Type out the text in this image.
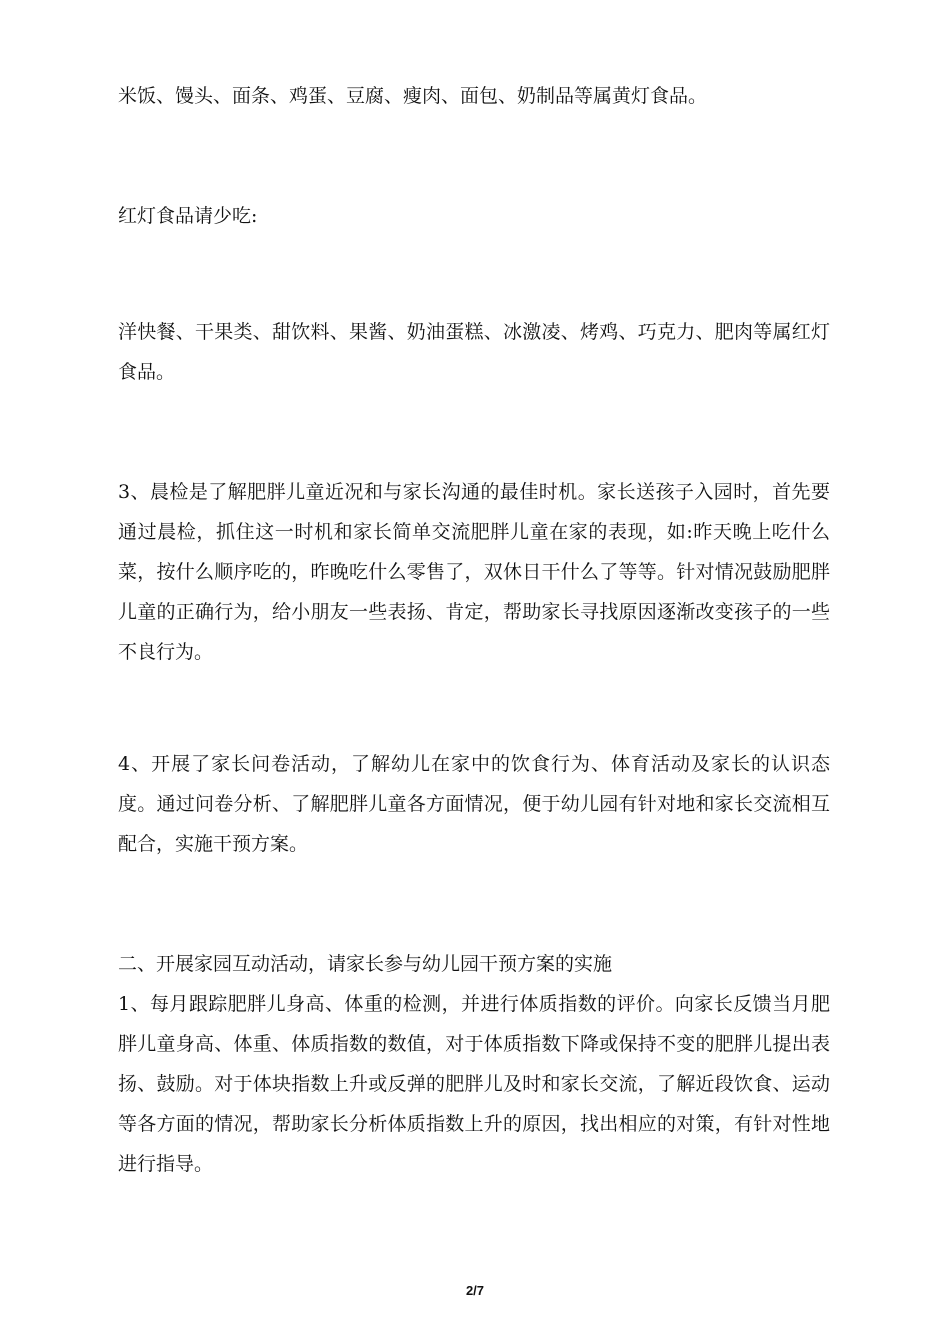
米饭、馒头、面条、鸡蛋、豆腐、瘦肉、面包、奶制品等属黄灯食品。

红灯食品请少吃:

洋快餐、干果类、甜饮料、果酱、奶油蛋糕、冰激凌、烤鸡、巧克力、肥肉等属红灯食品。

3、晨检是了解肥胖儿童近况和与家长沟通的最佳时机。家长送孩子入园时，首先要通过晨检，抓住这一时机和家长简单交流肥胖儿童在家的表现，如:昨天晚上吃什么菜，按什么顺序吃的，昨晚吃什么零售了，双休日干什么了等等。针对情况鼓励肥胖儿童的正确行为，给小朋友一些表扬、肯定，帮助家长寻找原因逐渐改变孩子的一些不良行为。

4、开展了家长问卷活动，了解幼儿在家中的饮食行为、体育活动及家长的认识态度。通过问卷分析、了解肥胖儿童各方面情况，便于幼儿园有针对地和家长交流相互配合，实施干预方案。

二、开展家园互动活动，请家长参与幼儿园干预方案的实施

1、每月跟踪肥胖儿身高、体重的检测，并进行体质指数的评价。向家长反馈当月肥胖儿童身高、体重、体质指数的数值，对于体质指数下降或保持不变的肥胖儿提出表扬、鼓励。对于体块指数上升或反弹的肥胖儿及时和家长交流，了解近段饮食、运动等各方面的情况，帮助家长分析体质指数上升的原因，找出相应的对策，有针对性地进行指导。

2/7
